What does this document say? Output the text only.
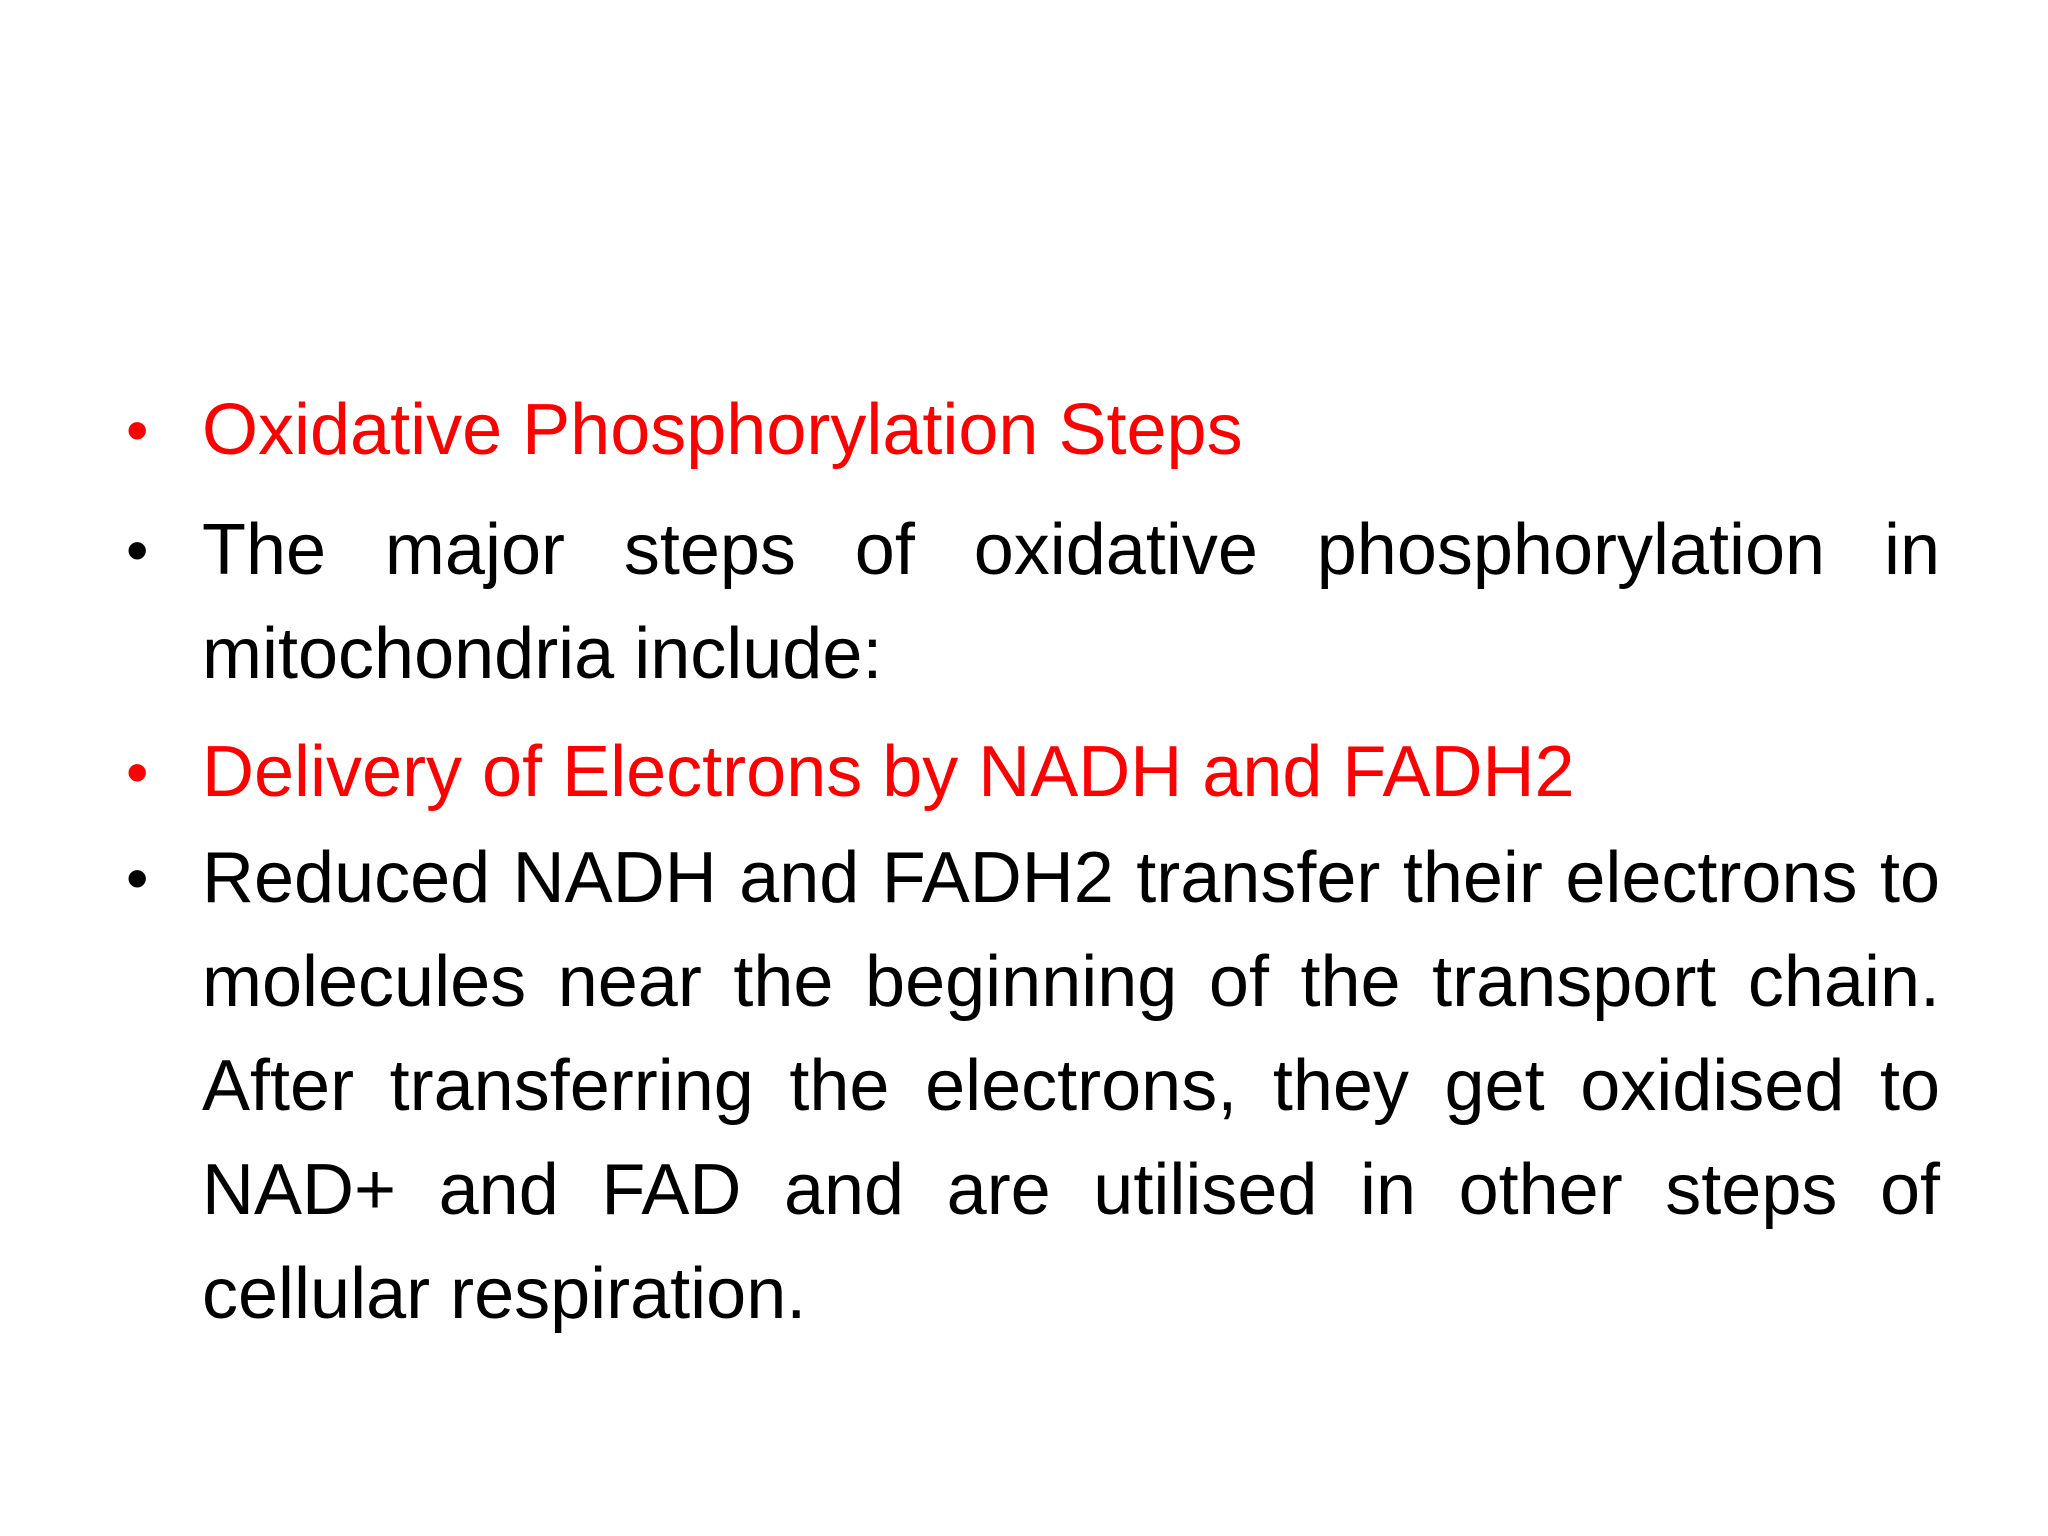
• Oxidative Phosphorylation Steps
• The major steps of oxidative phosphorylation in mitochondria include:
• Delivery of Electrons by NADH and FADH2
• Reduced NADH and FADH2 transfer their electrons to molecules near the beginning of the transport chain. After transferring the electrons, they get oxidised to NAD+ and FAD and are utilised in other steps of cellular respiration.
